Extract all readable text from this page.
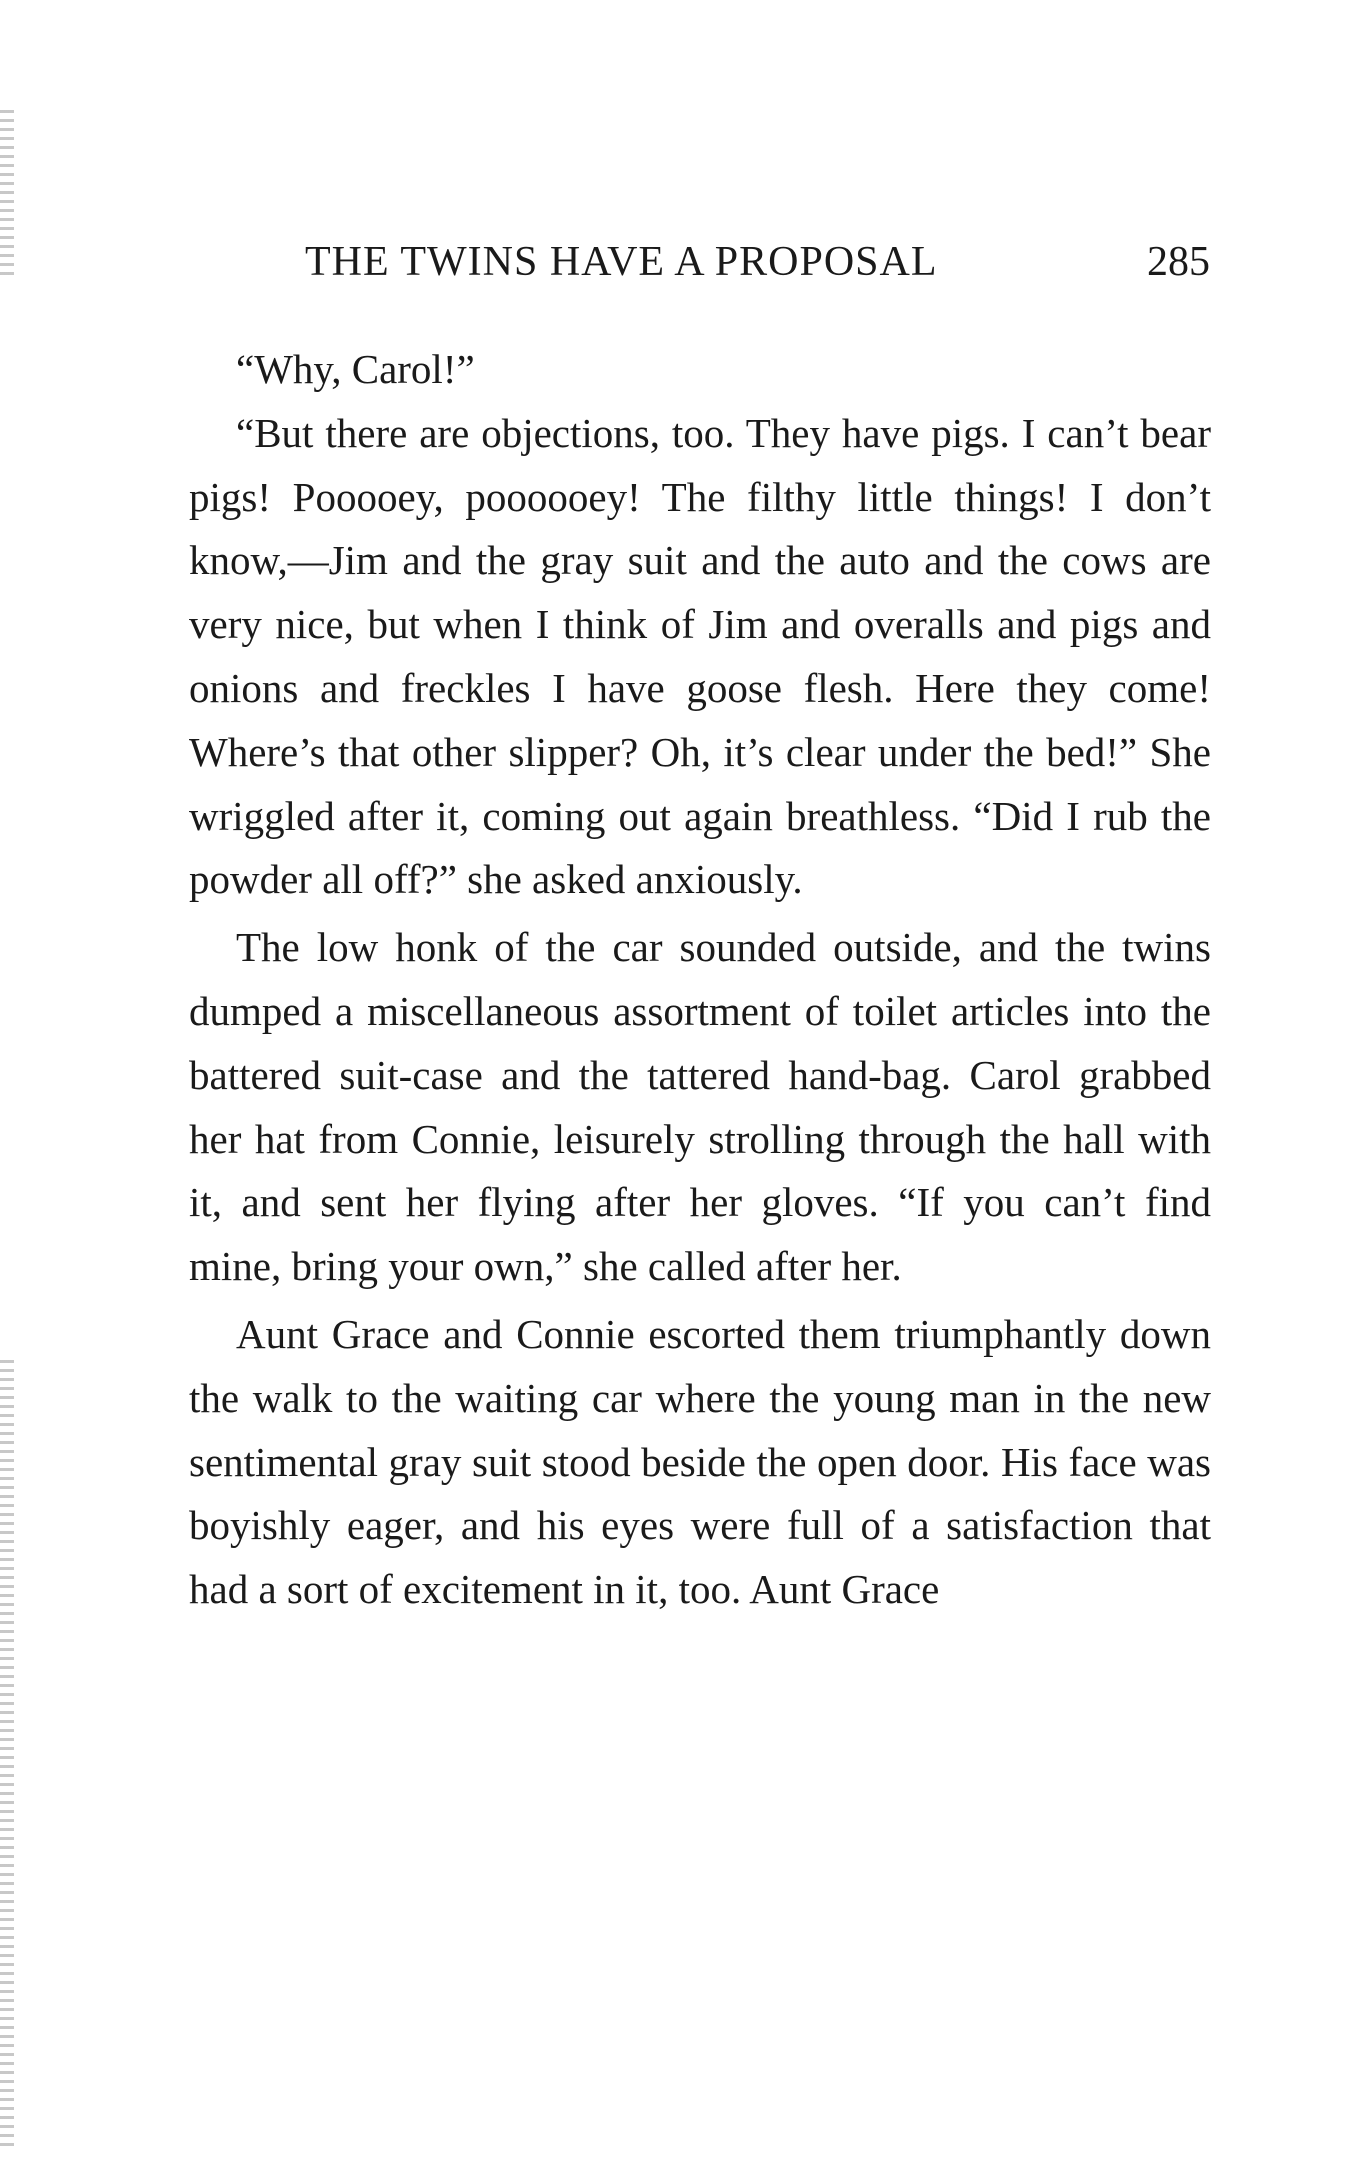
THE TWINS HAVE A PROPOSAL	285

“Why, Carol!”

“But there are objections, too. They have pigs. I can’t bear pigs! Pooooey, poooooey! The filthy little things! I don’t know,—Jim and the gray suit and the auto and the cows are very nice, but when I think of Jim and overalls and pigs and onions and freckles I have goose flesh. Here they come! Where’s that other slipper? Oh, it’s clear under the bed!” She wriggled after it, coming out again breathless. “Did I rub the powder all off?” she asked anxiously.

The low honk of the car sounded outside, and the twins dumped a miscellaneous assortment of toilet articles into the battered suit-case and the tattered hand-bag. Carol grabbed her hat from Connie, leisurely strolling through the hall with it, and sent her flying after her gloves. “If you can’t find mine, bring your own,” she called after her.

Aunt Grace and Connie escorted them triumphantly down the walk to the waiting car where the young man in the new sentimental gray suit stood beside the open door. His face was boyishly eager, and his eyes were full of a satisfaction that had a sort of excitement in it, too. Aunt Grace
